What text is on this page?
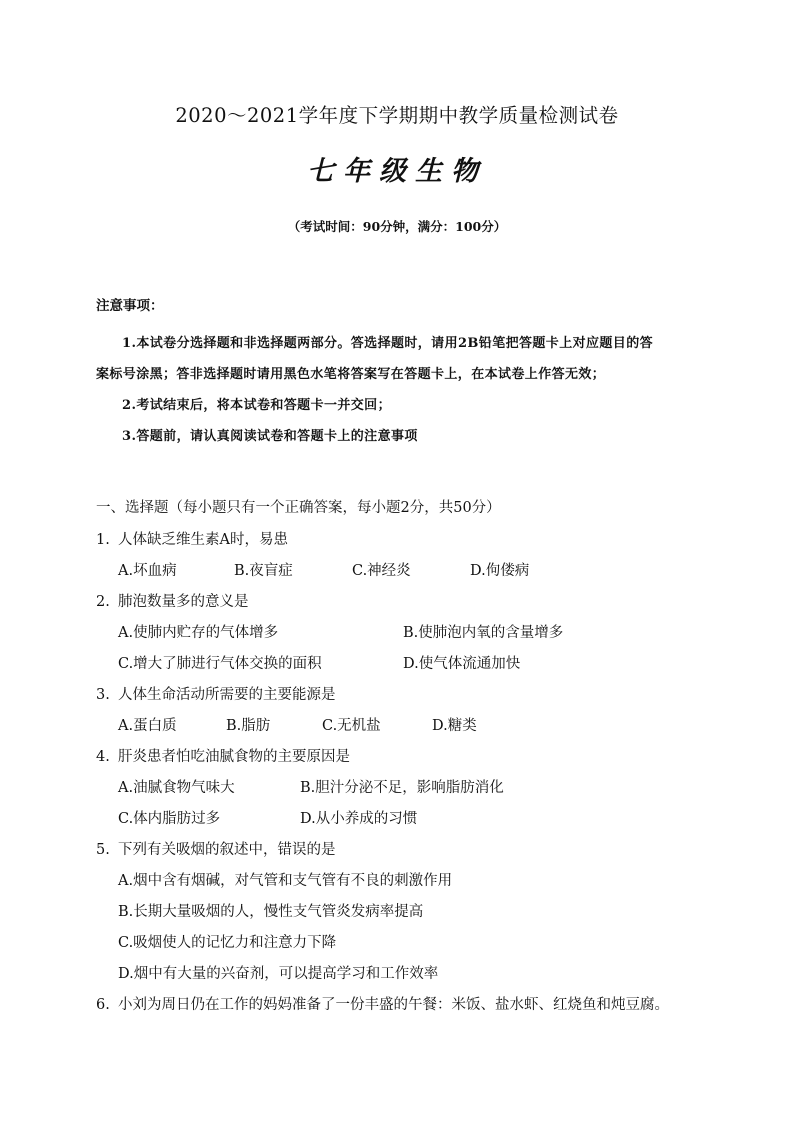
2020～2021学年度下学期期中教学质量检测试卷
七年级生物
（考试时间：90分钟，满分：100分）
注意事项：
1.本试卷分选择题和非选择题两部分。答选择题时，请用2B铅笔把答题卡上对应题目的答
案标号涂黑；答非选择题时请用黑色水笔将答案写在答题卡上，在本试卷上作答无效；
2.考试结束后，将本试卷和答题卡一并交回；
3.答题前，请认真阅读试卷和答题卡上的注意事项
一、选择题（每小题只有一个正确答案，每小题2分，共50分）
1. 人体缺乏维生素A时，易患
A.坏血病	B.夜盲症	C.神经炎	D.佝偻病
2. 肺泡数量多的意义是
A.使肺内贮存的气体增多	B.使肺泡内氧的含量增多
C.增大了肺进行气体交换的面积	D.使气体流通加快
3. 人体生命活动所需要的主要能源是
A.蛋白质	B.脂肪	C.无机盐	D.糖类
4. 肝炎患者怕吃油腻食物的主要原因是
A.油腻食物气味大	B.胆汁分泌不足，影响脂肪消化
C.体内脂肪过多	D.从小养成的习惯
5. 下列有关吸烟的叙述中，错误的是
A.烟中含有烟碱，对气管和支气管有不良的刺激作用
B.长期大量吸烟的人，慢性支气管炎发病率提高
C.吸烟使人的记忆力和注意力下降
D.烟中有大量的兴奋剂，可以提高学习和工作效率
6. 小刘为周日仍在工作的妈妈准备了一份丰盛的午餐：米饭、盐水虾、红烧鱼和炖豆腐。
